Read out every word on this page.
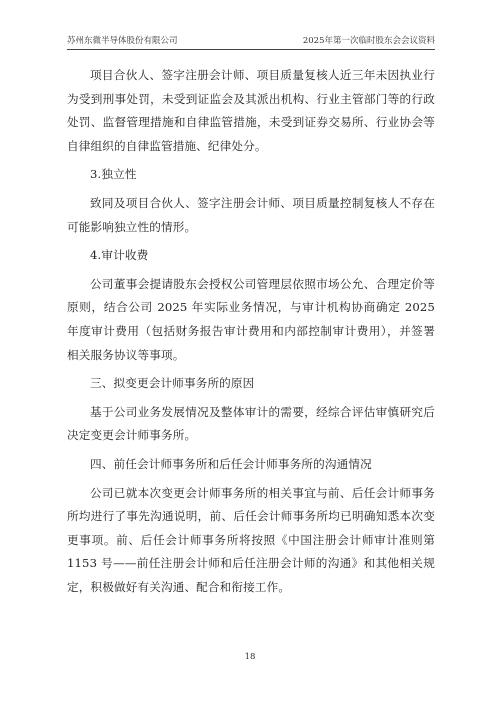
苏州东微半导体股份有限公司	2025年第一次临时股东会会议资料

项目合伙人、签字注册会计师、项目质量复核人近三年未因执业行为受到刑事处罚，未受到证监会及其派出机构、行业主管部门等的行政处罚、监督管理措施和自律监管措施，未受到证券交易所、行业协会等自律组织的自律监管措施、纪律处分。

3.独立性

致同及项目合伙人、签字注册会计师、项目质量控制复核人不存在可能影响独立性的情形。

4.审计收费

公司董事会提请股东会授权公司管理层依照市场公允、合理定价等原则，结合公司 2025 年实际业务情况，与审计机构协商确定 2025 年度审计费用（包括财务报告审计费用和内部控制审计费用），并签署相关服务协议等事项。

三、拟变更会计师事务所的原因

基于公司业务发展情况及整体审计的需要，经综合评估审慎研究后决定变更会计师事务所。

四、前任会计师事务所和后任会计师事务所的沟通情况

公司已就本次变更会计师事务所的相关事宜与前、后任会计师事务所均进行了事先沟通说明，前、后任会计师事务所均已明确知悉本次变更事项。前、后任会计师事务所将按照《中国注册会计师审计准则第 1153 号——前任注册会计师和后任注册会计师的沟通》和其他相关规定，积极做好有关沟通、配合和衔接工作。

18
